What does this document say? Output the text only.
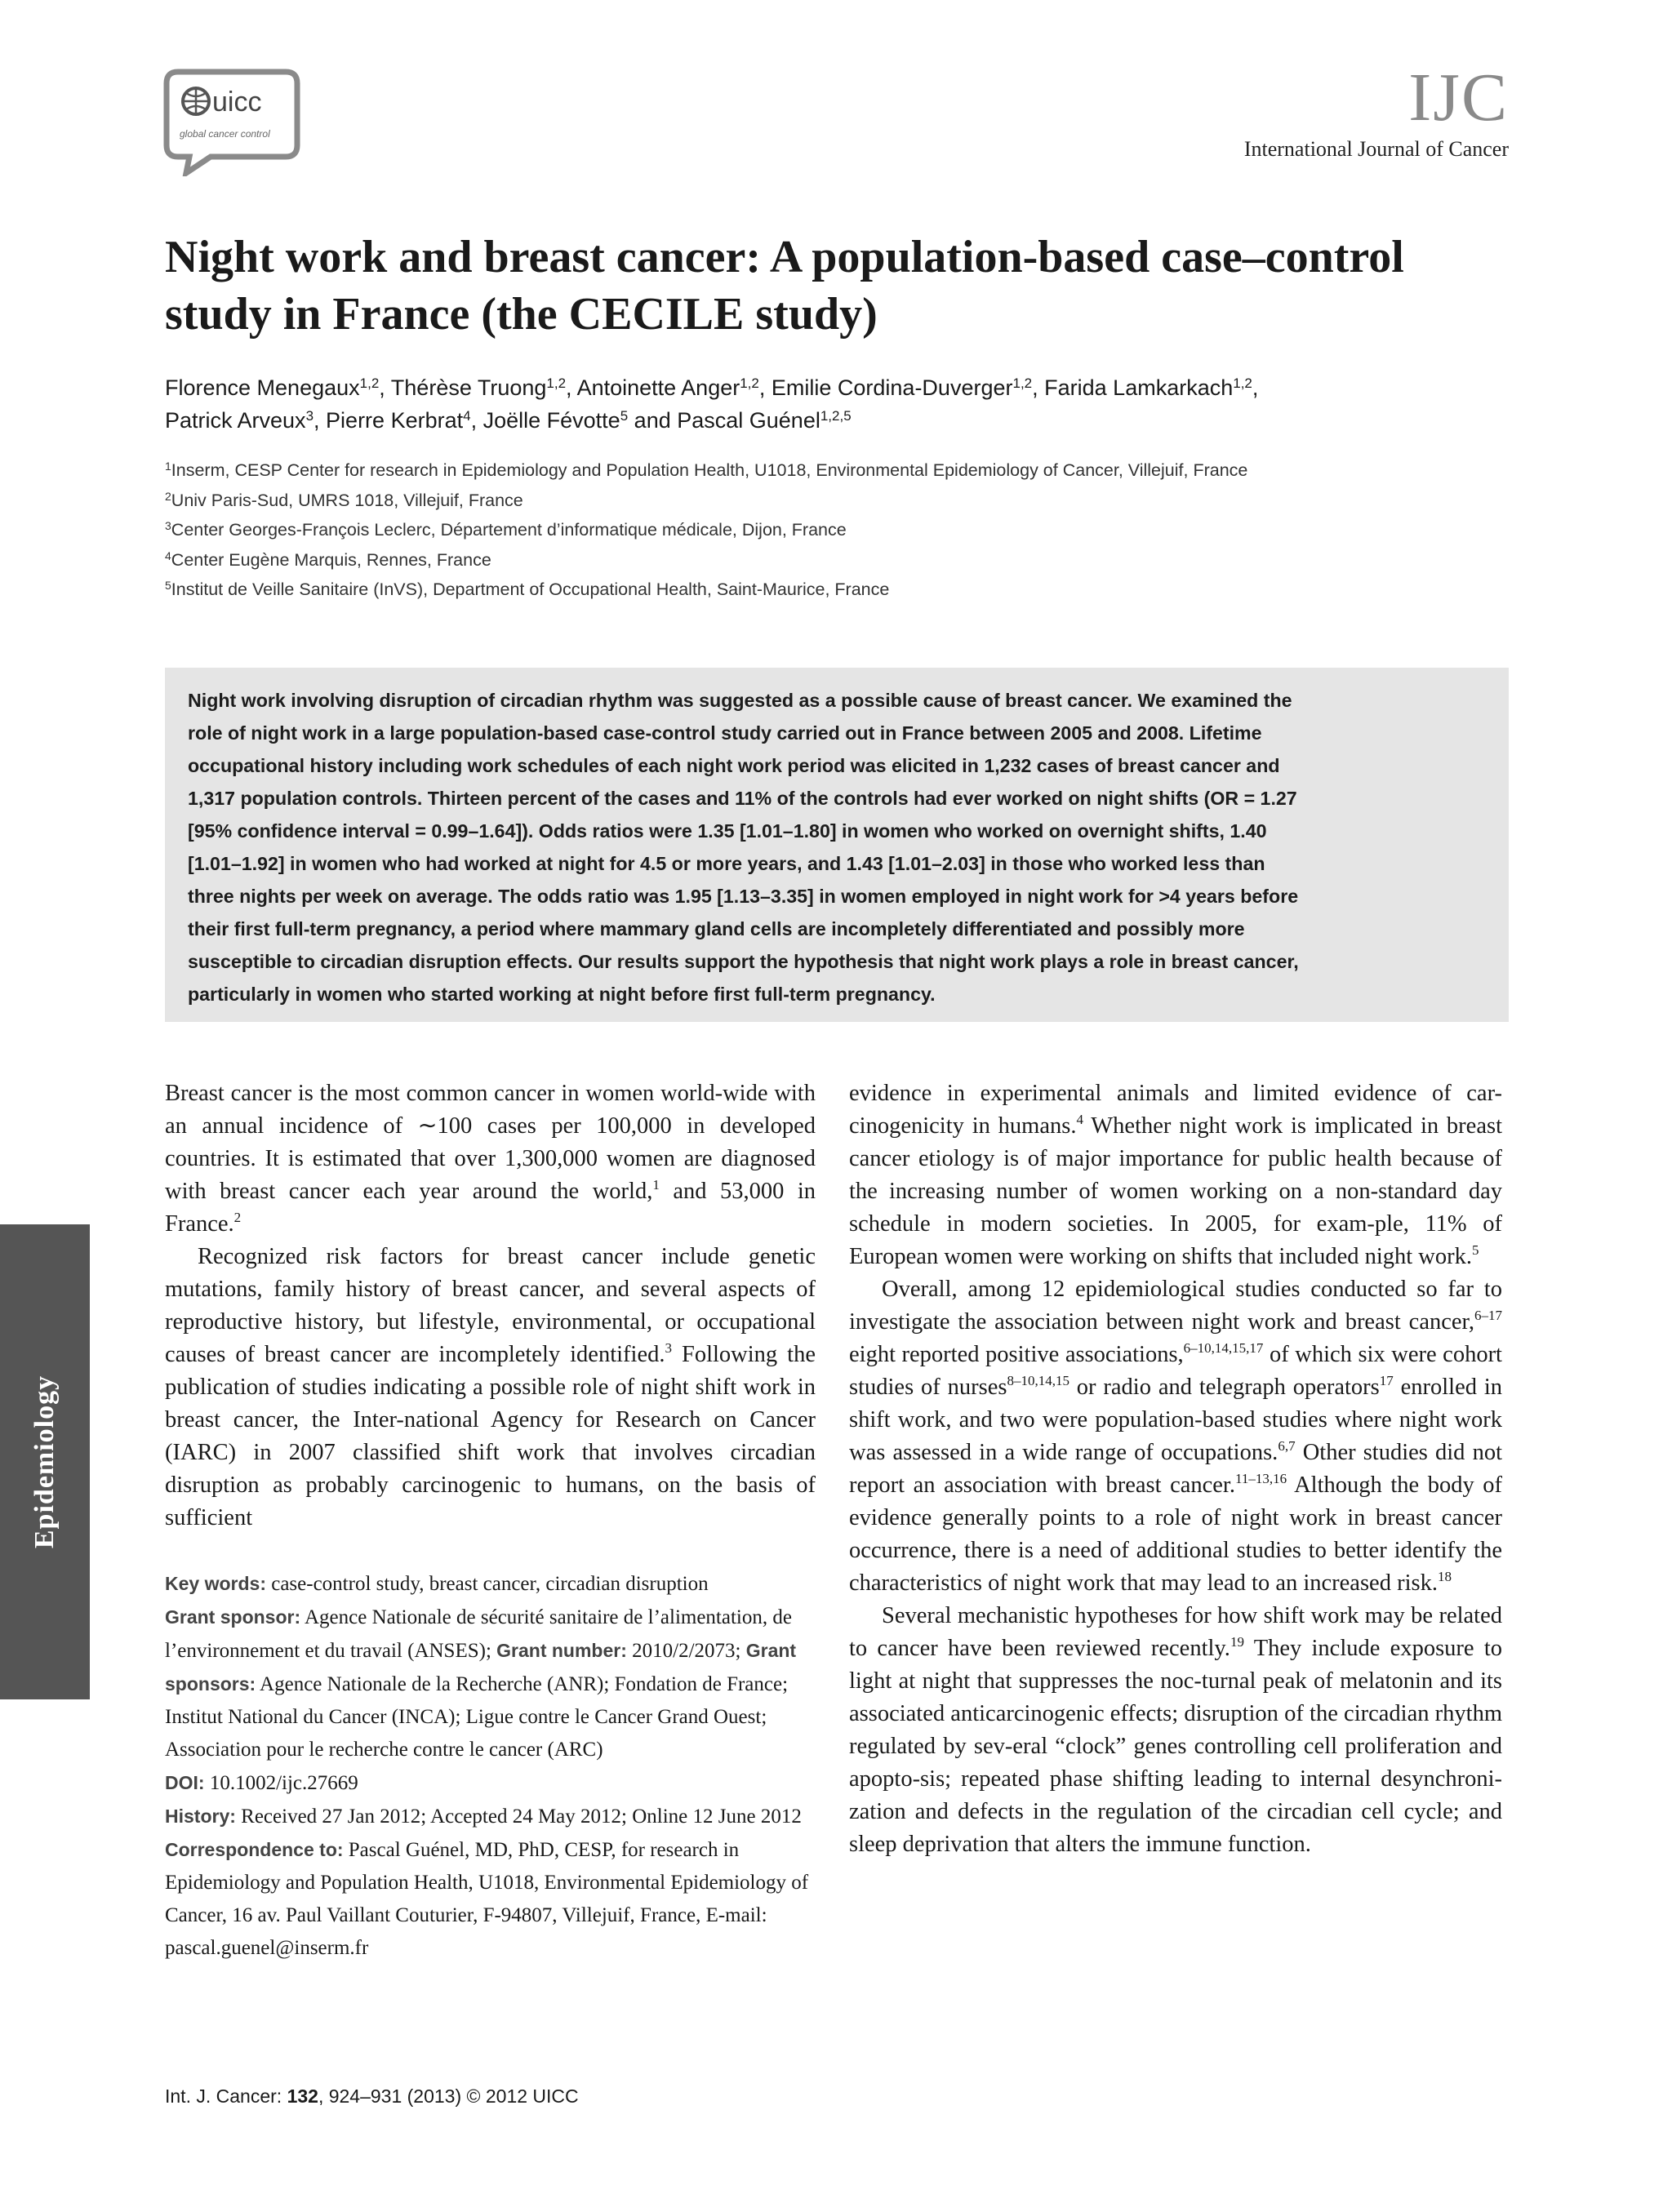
uicc
global cancer control	IJC
International Journal of Cancer
Night work and breast cancer: A population-based case–control study in France (the CECILE study)
Florence Menegaux$^{1,2}$, Thérèse Truong$^{1,2}$, Antoinette Anger$^{1,2}$, Emilie Cordina-Duverger$^{1,2}$, Farida Lamkarkach$^{1,2}$,
Patrick Arveux$^3$, Pierre Kerbrat$^4$, Joëlle Févotte$^5$ and Pascal Guénel$^{1,2,5}$
$^1$Inserm, CESP Center for research in Epidemiology and Population Health, U1018, Environmental Epidemiology of Cancer, Villejuif, France
$^2$Univ Paris-Sud, UMRS 1018, Villejuif, France
$^3$Center Georges-François Leclerc, Département d’informatique médicale, Dijon, France
$^4$Center Eugène Marquis, Rennes, France
$^5$Institut de Veille Sanitaire (InVS), Department of Occupational Health, Saint-Maurice, France
Night work involving disruption of circadian rhythm was suggested as a possible cause of breast cancer. We examined the
role of night work in a large population-based case-control study carried out in France between 2005 and 2008. Lifetime
occupational history including work schedules of each night work period was elicited in 1,232 cases of breast cancer and
1,317 population controls. Thirteen percent of the cases and 11% of the controls had ever worked on night shifts (OR = 1.27
[95% confidence interval = 0.99–1.64]). Odds ratios were 1.35 [1.01–1.80] in women who worked on overnight shifts, 1.40
[1.01–1.92] in women who had worked at night for 4.5 or more years, and 1.43 [1.01–2.03] in those who worked less than
three nights per week on average. The odds ratio was 1.95 [1.13–3.35] in women employed in night work for >4 years before
their first full-term pregnancy, a period where mammary gland cells are incompletely differentiated and possibly more
susceptible to circadian disruption effects. Our results support the hypothesis that night work plays a role in breast cancer,
particularly in women who started working at night before first full-term pregnancy.
Epidemiology

Breast cancer is the most common cancer in women world-wide with an annual incidence of ∼100 cases per 100,000 in developed countries. It is estimated that over 1,300,000 women are diagnosed with breast cancer each year around the world,$^1$ and 53,000 in France.$^2$

Recognized risk factors for breast cancer include genetic mutations, family history of breast cancer, and several aspects of reproductive history, but lifestyle, environmental, or occupational causes of breast cancer are incompletely identified.$^3$ Following the publication of studies indicating a possible role of night shift work in breast cancer, the Inter-national Agency for Research on Cancer (IARC) in 2007 classified shift work that involves circadian disruption as probably carcinogenic to humans, on the basis of sufficient

Key words: case-control study, breast cancer, circadian disruption
Grant sponsor: Agence Nationale de sécurité sanitaire de l’alimentation, de l’environnement et du travail (ANSES); Grant number: 2010/2/2073; Grant sponsors: Agence Nationale de la Recherche (ANR); Fondation de France; Institut National du Cancer (INCA); Ligue contre le Cancer Grand Ouest; Association pour le recherche contre le cancer (ARC)
DOI: 10.1002/ijc.27669
History: Received 27 Jan 2012; Accepted 24 May 2012; Online 12 June 2012
Correspondence to: Pascal Guénel, MD, PhD, CESP, for research in Epidemiology and Population Health, U1018, Environmental Epidemiology of Cancer, 16 av. Paul Vaillant Couturier, F-94807, Villejuif, France, E-mail: pascal.guenel@inserm.fr

evidence in experimental animals and limited evidence of car-cinogenicity in humans.$^4$ Whether night work is implicated in breast cancer etiology is of major importance for public health because of the increasing number of women working on a non-standard day schedule in modern societies. In 2005, for exam-ple, 11% of European women were working on shifts that included night work.$^5$

Overall, among 12 epidemiological studies conducted so far to investigate the association between night work and breast cancer,$^{6-17}$ eight reported positive associations,$^{6-10,14,15,17}$ of which six were cohort studies of nurses$^{8-10,14,15}$ or radio and telegraph operators$^{17}$ enrolled in shift work, and two were population-based studies where night work was assessed in a wide range of occupations.$^{6,7}$ Other studies did not report an association with breast cancer.$^{11-13,16}$ Although the body of evidence generally points to a role of night work in breast cancer occurrence, there is a need of additional studies to better identify the characteristics of night work that may lead to an increased risk.$^{18}$

Several mechanistic hypotheses for how shift work may be related to cancer have been reviewed recently.$^{19}$ They include exposure to light at night that suppresses the noc-turnal peak of melatonin and its associated anticarcinogenic effects; disruption of the circadian rhythm regulated by sev-eral “clock” genes controlling cell proliferation and apopto-sis; repeated phase shifting leading to internal desynchroni-zation and defects in the regulation of the circadian cell cycle; and sleep deprivation that alters the immune function.

Int. J. Cancer: 132, 924–931 (2013) © 2012 UICC
